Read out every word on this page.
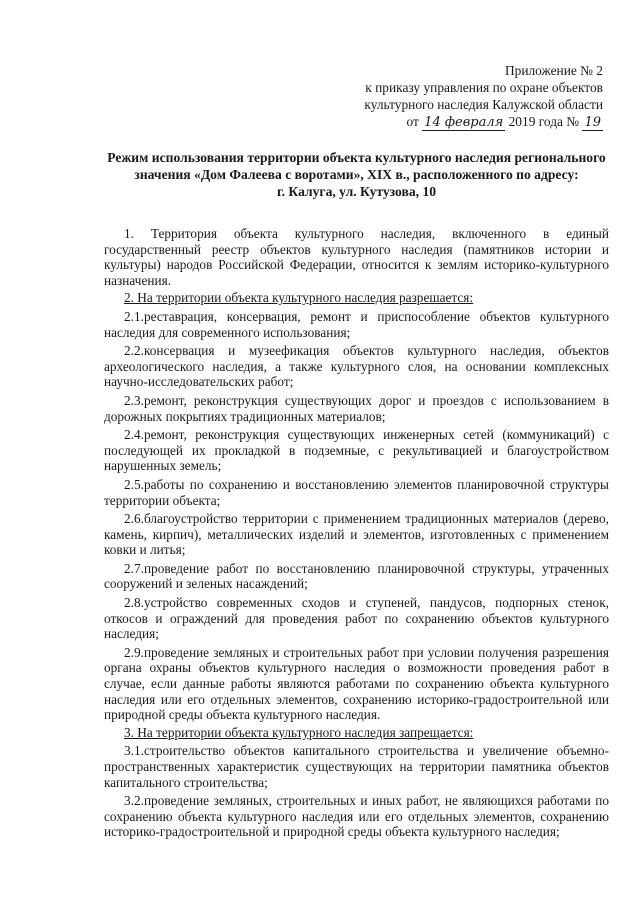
Приложение № 2
к приказу управления по охране объектов
культурного наследия Калужской области
от 14 февраля 2019 года № 19
Режим использования территории объекта культурного наследия регионального
значения «Дом Фалеева с воротами», XIX в., расположенного по адресу:
г. Калуга, ул. Кутузова, 10

1. Территория объекта культурного наследия, включенного в единый государственный реестр объектов культурного наследия (памятников истории и культуры) народов Российской Федерации, относится к землям историко-культурного назначения.

2. На территории объекта культурного наследия разрешается:

2.1.реставрация, консервация, ремонт и приспособление объектов культурного наследия для современного использования;

2.2.консервация и музеефикация объектов культурного наследия, объектов археологического наследия, а также культурного слоя, на основании комплексных научно-исследовательских работ;

2.3.ремонт, реконструкция существующих дорог и проездов с использованием в дорожных покрытиях традиционных материалов;

2.4.ремонт, реконструкция существующих инженерных сетей (коммуникаций) с последующей их прокладкой в подземные, с рекультивацией и благоустройством нарушенных земель;

2.5.работы по сохранению и восстановлению элементов планировочной структуры территории объекта;

2.6.благоустройство территории с применением традиционных материалов (дерево, камень, кирпич), металлических изделий и элементов, изготовленных с применением ковки и литья;

2.7.проведение работ по восстановлению планировочной структуры, утраченных сооружений и зеленых насаждений;

2.8.устройство современных сходов и ступеней, пандусов, подпорных стенок, откосов и ограждений для проведения работ по сохранению объектов культурного наследия;

2.9.проведение земляных и строительных работ при условии получения разрешения органа охраны объектов культурного наследия о возможности проведения работ в случае, если данные работы являются работами по сохранению объекта культурного наследия или его отдельных элементов, сохранению историко-градостроительной или природной среды объекта культурного наследия.

3. На территории объекта культурного наследия запрещается:

3.1.строительство объектов капитального строительства и увеличение объемно-пространственных характеристик существующих на территории памятника объектов капитального строительства;

3.2.проведение земляных, строительных и иных работ, не являющихся работами по сохранению объекта культурного наследия или его отдельных элементов, сохранению историко-градостроительной и природной среды объекта культурного наследия;
